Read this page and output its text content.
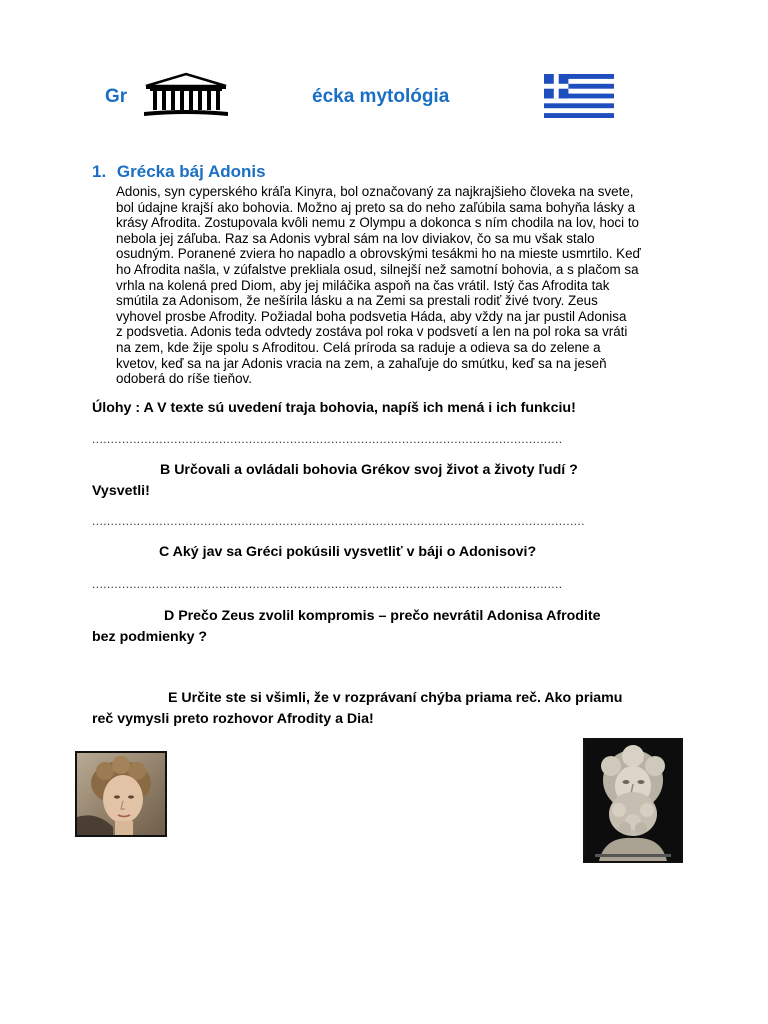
Gr	écka mytológia
1. Grécka báj Adonis
Adonis, syn cyperského kráľa Kinyra, bol označovaný za najkrajšieho človeka na svete,
bol údajne krajší ako bohovia. Možno aj preto sa do neho zaľúbila sama bohyňa lásky a
krásy Afrodita. Zostupovala kvôli nemu z Olympu a dokonca s ním chodila na lov, hoci to
nebola jej záľuba. Raz sa Adonis vybral sám na lov diviakov, čo sa mu však stalo
osudným. Poranené zviera ho napadlo a obrovskými tesákmi ho na mieste usmrtilo. Keď
ho Afrodita našla, v zúfalstve prekliala osud, silnejší než samotní bohovia, a s plačom sa
vrhla na kolená pred Diom, aby jej miláčika aspoň na čas vrátil. Istý čas Afrodita tak
smútila za Adonisom, že nešírila lásku a na Zemi sa prestali rodiť živé tvory. Zeus
vyhovel prosbe Afrodity. Požiadal boha podsvetia Háda, aby vždy na jar pustil Adonisa
z podsvetia. Adonis teda odvtedy zostáva pol roka v podsvetí a len na pol roka sa vráti
na zem, kde žije spolu s Afroditou. Celá príroda sa raduje a odieva sa do zelene a
kvetov, keď sa na jar Adonis vracia na zem, a zahaľuje do smútku, keď sa na jeseň
odoberá do ríše tieňov.
Úlohy : A V texte sú uvedení traja bohovia, napíš ich mená i ich funkciu!
..............................................................................................................................
B Určovali a ovládali bohovia Grékov svoj život a životy ľudí ?
Vysvetli!
....................................................................................................................................
C Aký jav sa Gréci pokúsili vysvetliť v báji o Adonisovi?
..............................................................................................................................
D Prečo Zeus zvolil kompromis – prečo nevrátil Adonisa Afrodite
bez podmienky ?
E Určite ste si všimli, že v rozprávaní chýba priama reč. Ako priamu
reč vymysli preto rozhovor Afrodity a Dia!
